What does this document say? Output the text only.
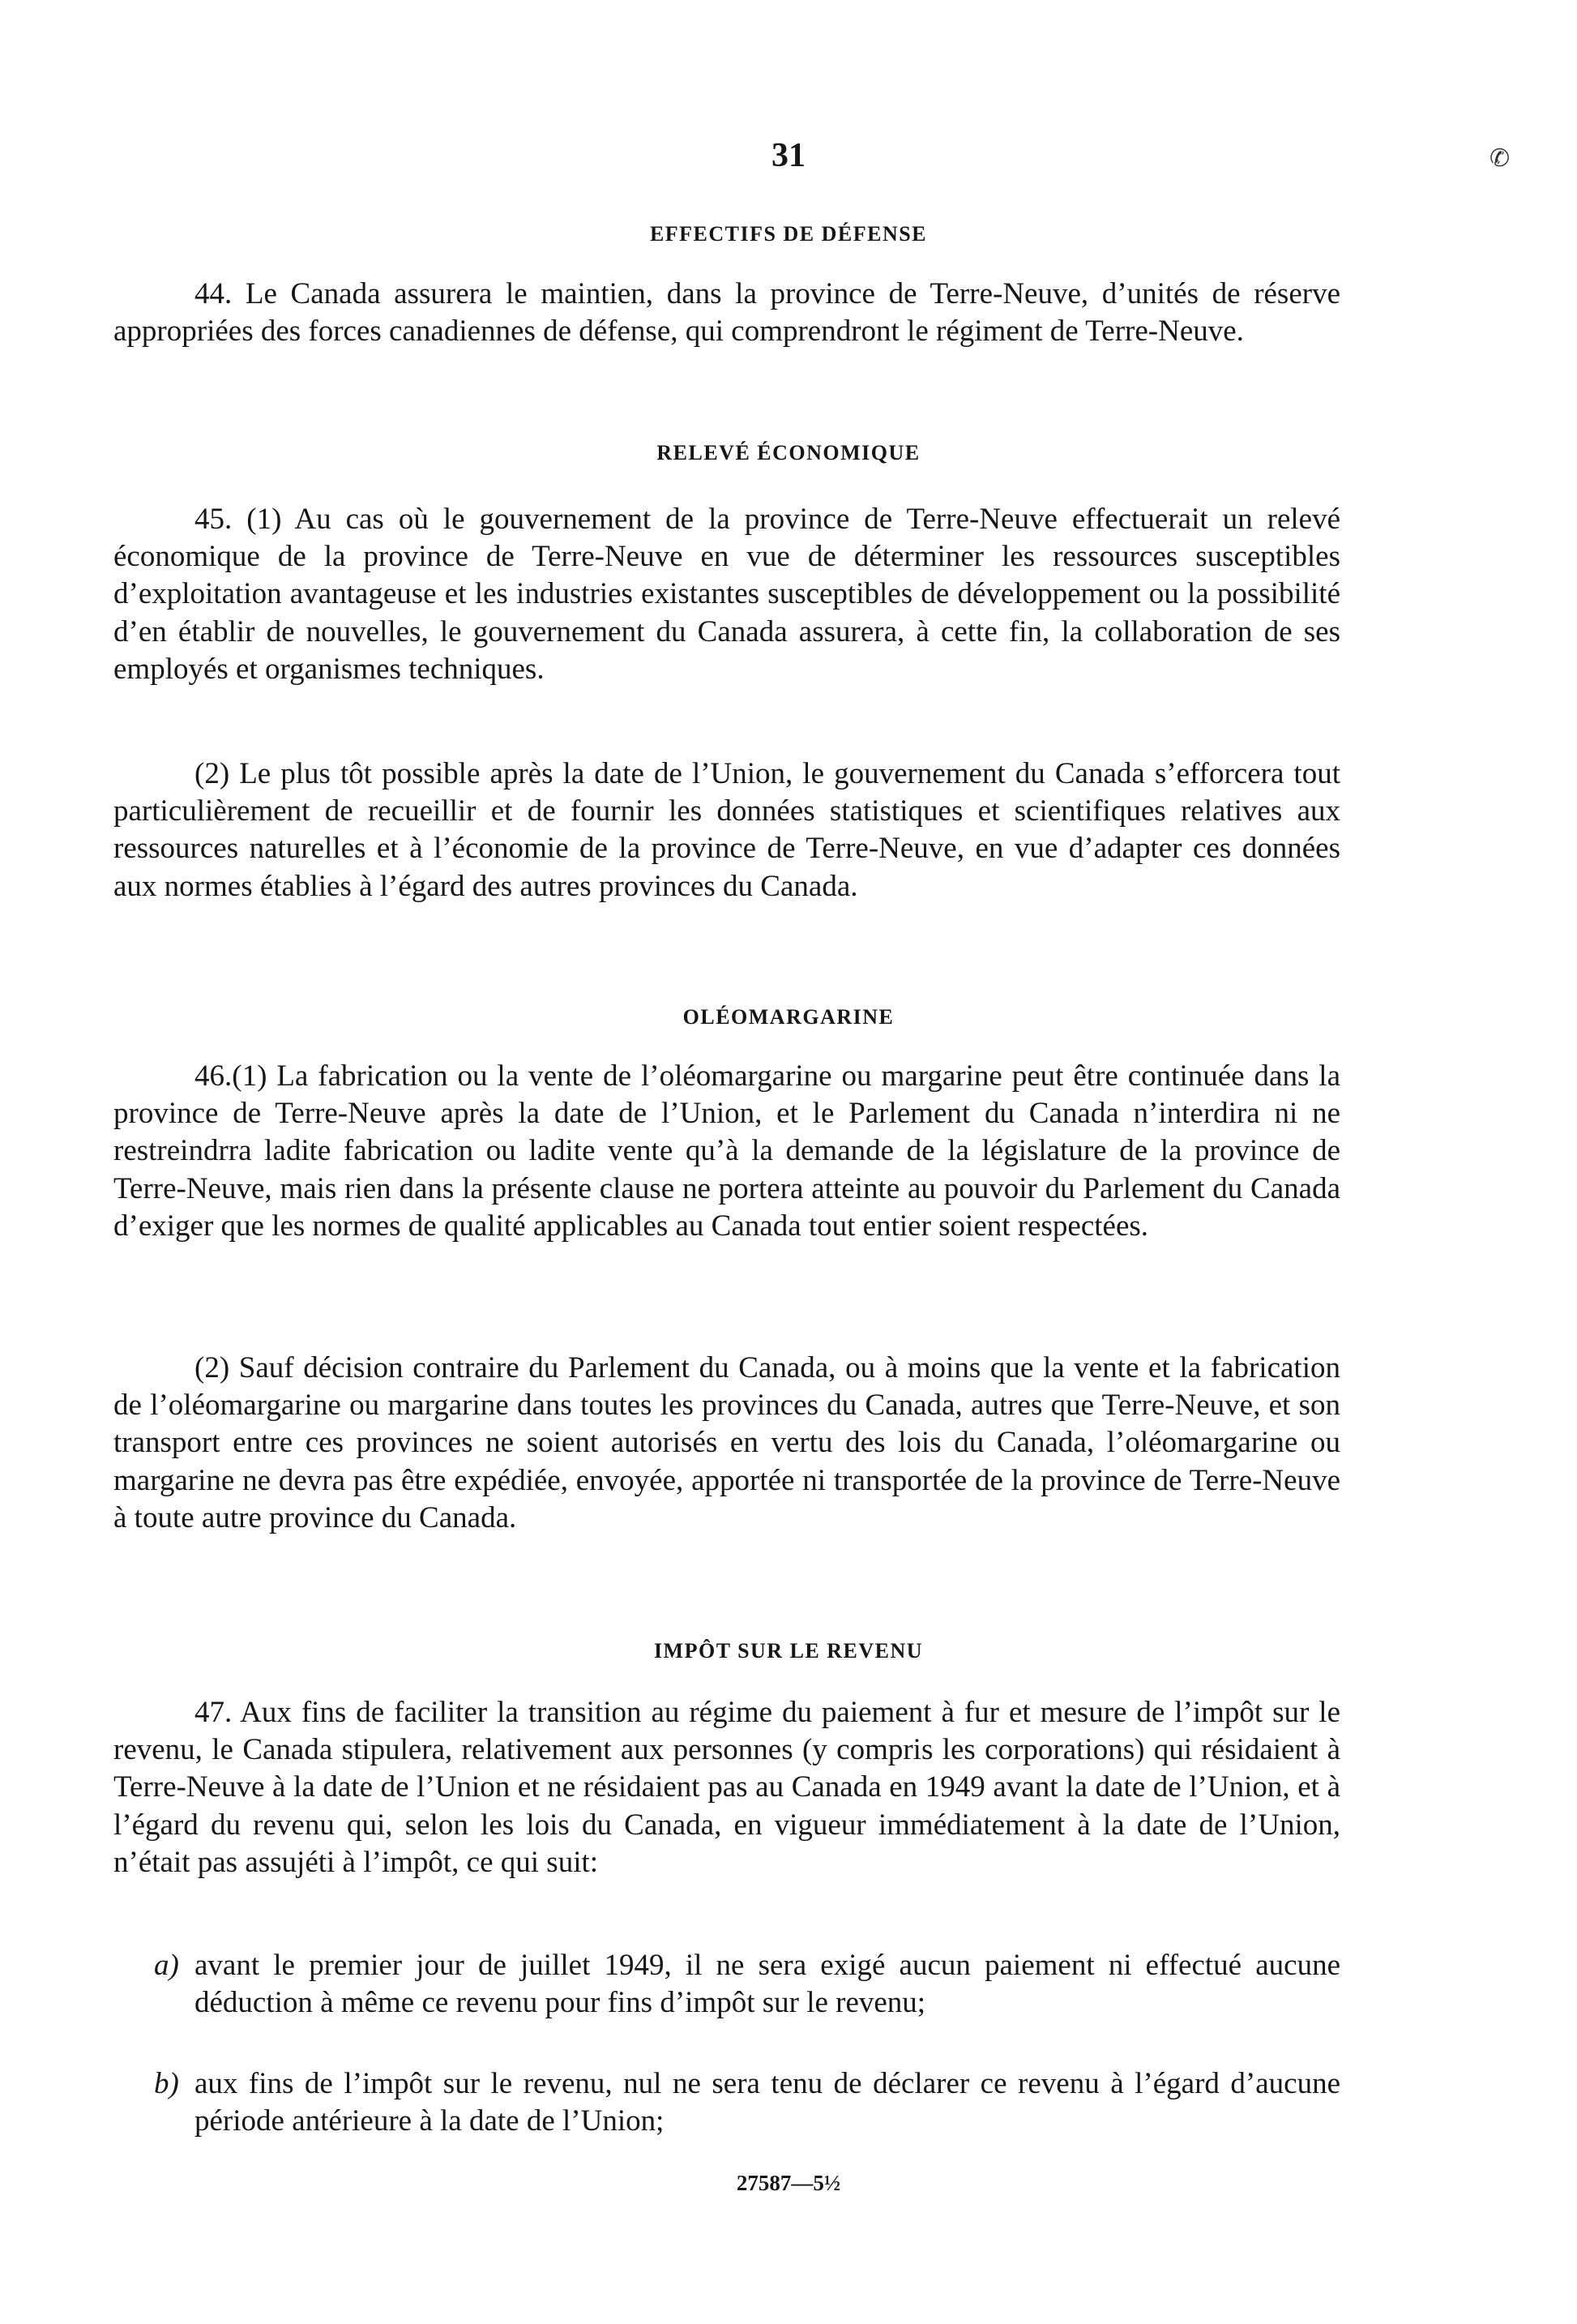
31	✆
EFFECTIFS DE DÉFENSE

44. Le Canada assurera le maintien, dans la province de Terre-Neuve, d’unités de réserve appropriées des forces canadiennes de défense, qui comprendront le régiment de Terre-Neuve.

RELEVÉ ÉCONOMIQUE

45. (1) Au cas où le gouvernement de la province de Terre-Neuve effectuerait un relevé économique de la province de Terre-Neuve en vue de déterminer les ressources susceptibles d’exploitation avantageuse et les industries existantes susceptibles de développement ou la possibilité d’en établir de nouvelles, le gouvernement du Canada assurera, à cette fin, la collaboration de ses employés et organismes techniques.

(2) Le plus tôt possible après la date de l’Union, le gouvernement du Canada s’efforcera tout particulièrement de recueillir et de fournir les données statistiques et scientifiques relatives aux ressources naturelles et à l’économie de la province de Terre-Neuve, en vue d’adapter ces données aux normes établies à l’égard des autres provinces du Canada.

OLÉOMARGARINE

46.(1) La fabrication ou la vente de l’oléomargarine ou margarine peut être continuée dans la province de Terre-Neuve après la date de l’Union, et le Parlement du Canada n’interdira ni ne restreindrra ladite fabrication ou ladite vente qu’à la demande de la législature de la province de Terre-Neuve, mais rien dans la présente clause ne portera atteinte au pouvoir du Parlement du Canada d’exiger que les normes de qualité applicables au Canada tout entier soient respectées.

(2) Sauf décision contraire du Parlement du Canada, ou à moins que la vente et la fabrication de l’oléomargarine ou margarine dans toutes les provinces du Canada, autres que Terre-Neuve, et son transport entre ces provinces ne soient autorisés en vertu des lois du Canada, l’oléomargarine ou margarine ne devra pas être expédiée, envoyée, apportée ni transportée de la province de Terre-Neuve à toute autre province du Canada.

IMPÔT SUR LE REVENU

47. Aux fins de faciliter la transition au régime du paiement à fur et mesure de l’impôt sur le revenu, le Canada stipulera, relativement aux personnes (y compris les corporations) qui résidaient à Terre-Neuve à la date de l’Union et ne résidaient pas au Canada en 1949 avant la date de l’Union, et à l’égard du revenu qui, selon les lois du Canada, en vigueur immédiatement à la date de l’Union, n’était pas assujéti à l’impôt, ce qui suit:

a) avant le premier jour de juillet 1949, il ne sera exigé aucun paiement ni effectué aucune déduction à même ce revenu pour fins d’impôt sur le revenu;
b) aux fins de l’impôt sur le revenu, nul ne sera tenu de déclarer ce revenu à l’égard d’aucune période antérieure à la date de l’Union;
27587—5½
